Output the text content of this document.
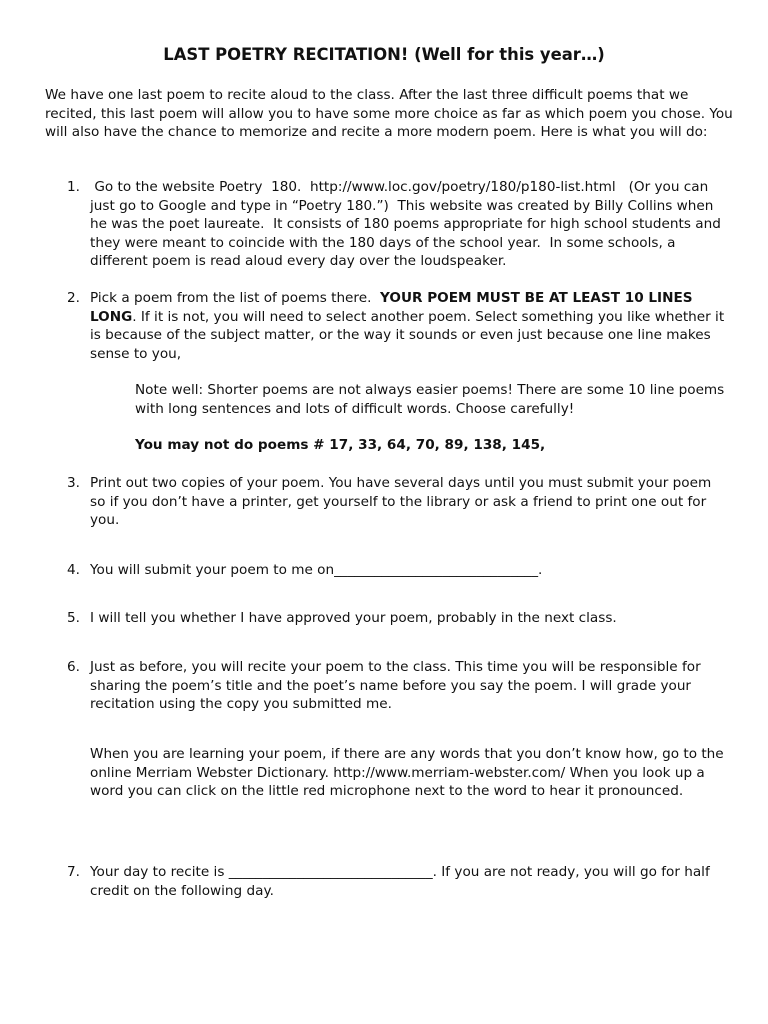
LAST POETRY RECITATION! (Well for this year…)

We have one last poem to recite aloud to the class. After the last three difficult poems that we recited, this last poem will allow you to have some more choice as far as which poem you chose. You will also have the chance to memorize and recite a more modern poem. Here is what you will do:

1. Go to the website Poetry  180.  http://www.loc.gov/poetry/180/p180-list.html   (Or you can just go to Google and type in “Poetry 180.”)  This website was created by Billy Collins when he was the poet laureate.  It consists of 180 poems appropriate for high school students and they were meant to coincide with the 180 days of the school year.  In some schools, a different poem is read aloud every day over the loudspeaker.
2. Pick a poem from the list of poems there.  YOUR POEM MUST BE AT LEAST 10 LINES LONG. If it is not, you will need to select another poem. Select something you like whether it is because of the subject matter, or the way it sounds or even just because one line makes sense to you,
Note well: Shorter poems are not always easier poems! There are some 10 line poems with long sentences and lots of difficult words. Choose carefully!
You may not do poems # 17, 33, 64, 70, 89, 138, 145,
3. Print out two copies of your poem. You have several days until you must submit your poem so if you don’t have a printer, get yourself to the library or ask a friend to print one out for you.
4. You will submit your poem to me on______________________________.
5. I will tell you whether I have approved your poem, probably in the next class.
6. Just as before, you will recite your poem to the class. This time you will be responsible for sharing the poem’s title and the poet’s name before you say the poem. I will grade your recitation using the copy you submitted me.
When you are learning your poem, if there are any words that you don’t know how, go to the online Merriam Webster Dictionary. http://www.merriam-webster.com/ When you look up a word you can click on the little red microphone next to the word to hear it pronounced.
7. Your day to recite is ______________________________. If you are not ready, you will go for half credit on the following day.
